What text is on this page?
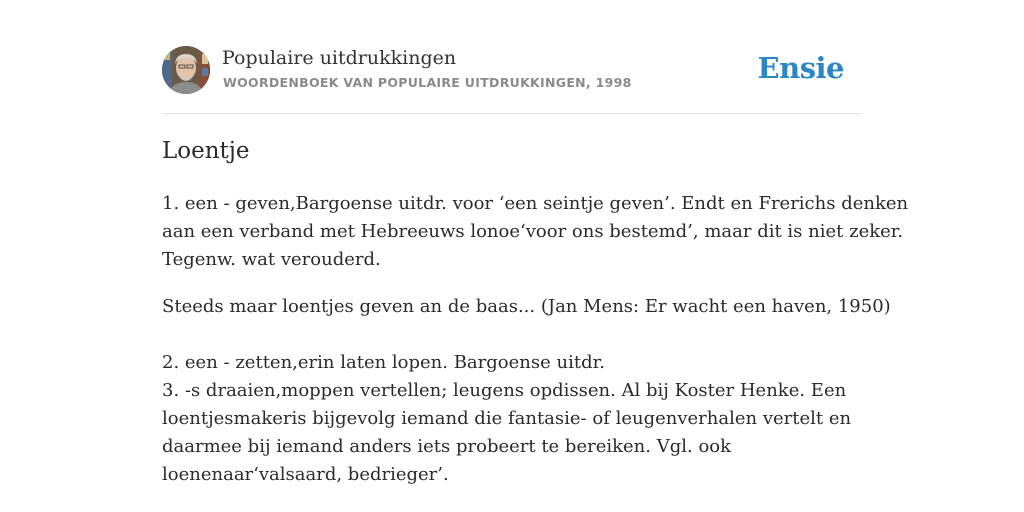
Populaire uitdrukkingen
WOORDENBOEK VAN POPULAIRE UITDRUKKINGEN, 1998	Ensie
Loentje
1. een - geven,Bargoense uitdr. voor ‘een seintje geven’. Endt en Frerichs denken
aan een verband met Hebreeuws lonoe‘voor ons bestemd’, maar dit is niet zeker.
Tegenw. wat verouderd.
Steeds maar loentjes geven an de baas... (Jan Mens: Er wacht een haven, 1950)
2. een - zetten,erin laten lopen. Bargoense uitdr.
3. -s draaien,moppen vertellen; leugens opdissen. Al bij Koster Henke. Een
loentjesmakeris bijgevolg iemand die fantasie- of leugenverhalen vertelt en
daarmee bij iemand anders iets probeert te bereiken. Vgl. ook
loenenaar‘valsaard, bedrieger’.
